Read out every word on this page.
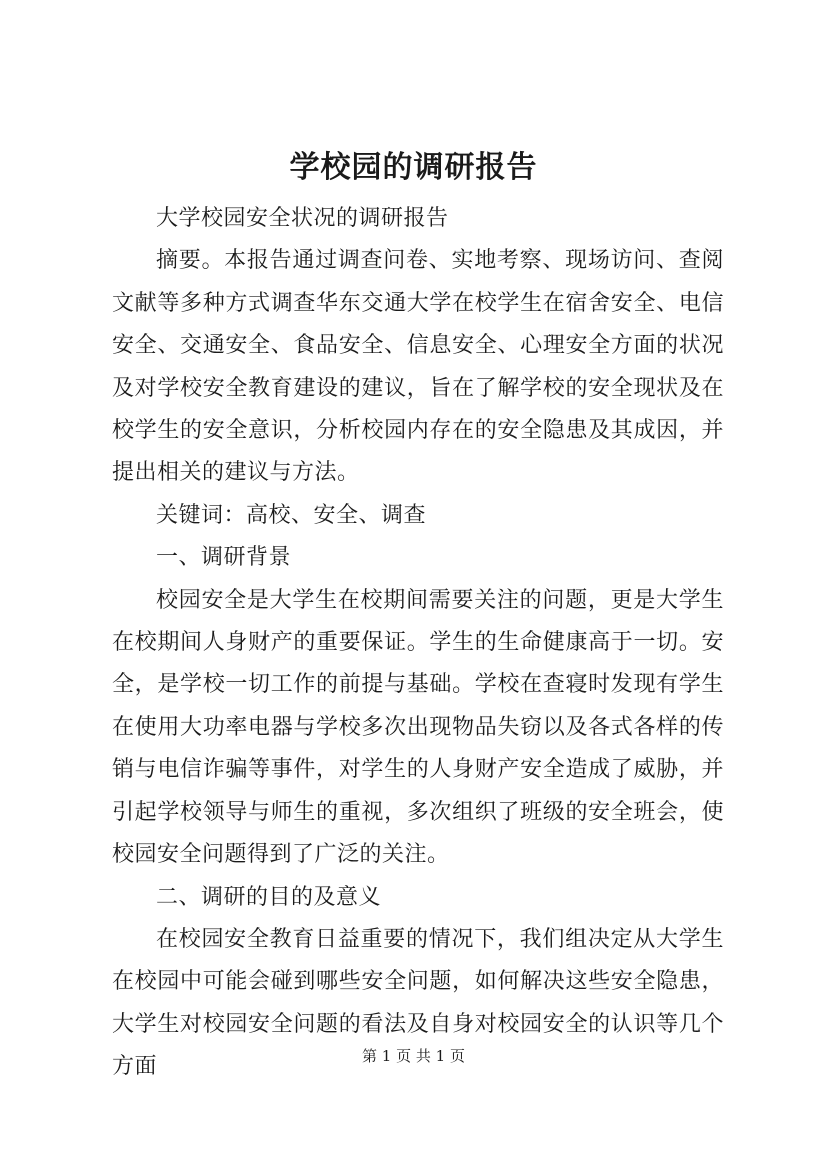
学校园的调研报告

大学校园安全状况的调研报告

摘要。本报告通过调查问卷、实地考察、现场访问、查阅文献等多种方式调查华东交通大学在校学生在宿舍安全、电信安全、交通安全、食品安全、信息安全、心理安全方面的状况及对学校安全教育建设的建议，旨在了解学校的安全现状及在校学生的安全意识，分析校园内存在的安全隐患及其成因，并提出相关的建议与方法。

关键词：高校、安全、调查

一、调研背景

校园安全是大学生在校期间需要关注的问题，更是大学生在校期间人身财产的重要保证。学生的生命健康高于一切。安全，是学校一切工作的前提与基础。学校在查寝时发现有学生在使用大功率电器与学校多次出现物品失窃以及各式各样的传销与电信诈骗等事件，对学生的人身财产安全造成了威胁，并引起学校领导与师生的重视，多次组织了班级的安全班会，使校园安全问题得到了广泛的关注。

二、调研的目的及意义

在校园安全教育日益重要的情况下，我们组决定从大学生在校园中可能会碰到哪些安全问题，如何解决这些安全隐患，大学生对校园安全问题的看法及自身对校园安全的认识等几个方面	第 1 页 共 1 页
